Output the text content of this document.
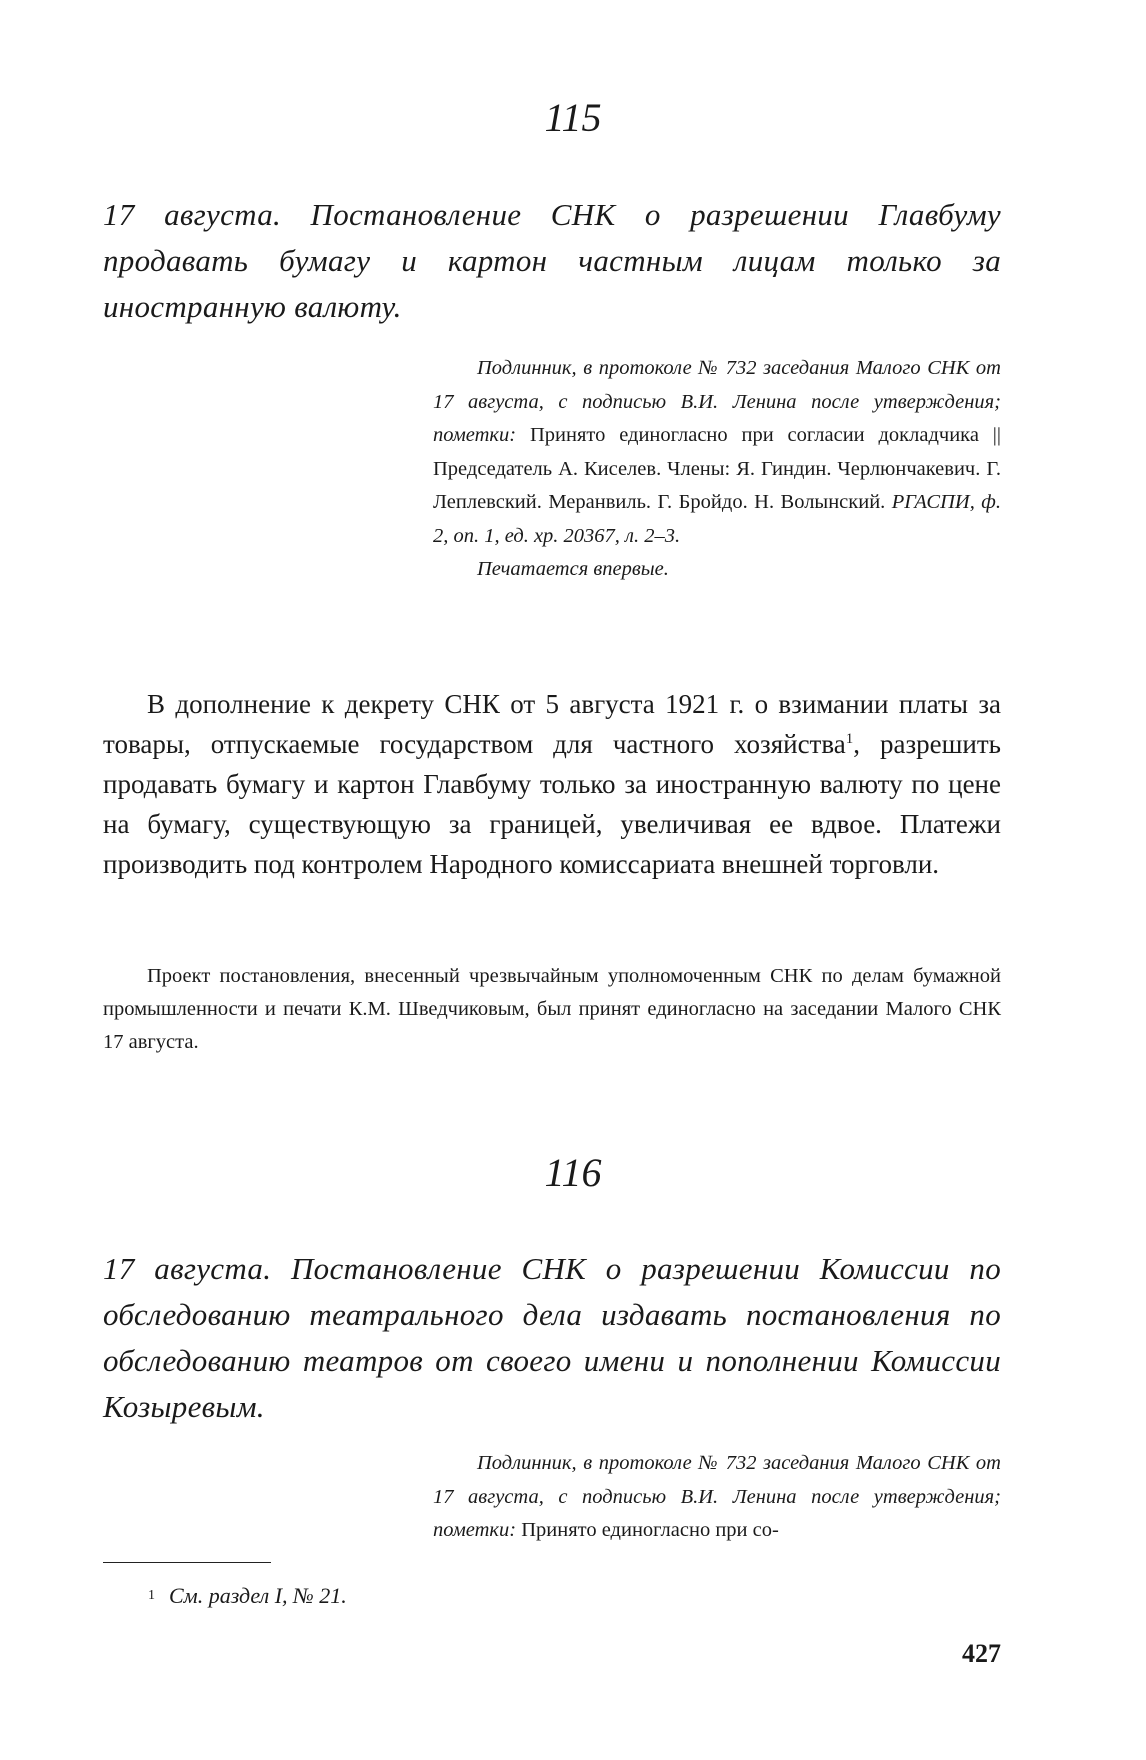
115

17 августа. Постановление СНК о разрешении Главбуму продавать бумагу и картон частным лицам только за иностранную валюту.

Подлинник, в протоколе № 732 заседания Малого СНК от 17 августа, с подписью В.И. Ленина после утверждения; пометки: Принято единогласно при согласии докладчика || Председатель А. Киселев. Члены: Я. Гиндин. Черлюнчакевич. Г. Леплевский. Меранвиль. Г. Бройдо. Н. Волынский. РГАСПИ, ф. 2, оп. 1, ед. хр. 20367, л. 2–3.

Печатается впервые.

В дополнение к декрету СНК от 5 августа 1921 г. о взимании платы за товары, отпускаемые государством для частного хозяйства$^1$, разрешить продавать бумагу и картон Главбуму только за иностранную валюту по цене на бумагу, существующую за границей, увеличивая ее вдвое. Платежи производить под контролем Народного комиссариата внешней торговли.

Проект постановления, внесенный чрезвычайным уполномоченным СНК по делам бумажной промышленности и печати К.М. Шведчиковым, был принят единогласно на заседании Малого СНК 17 августа.

116

17 августа. Постановление СНК о разрешении Комиссии по обследованию театрального дела издавать постановления по обследованию театров от своего имени и пополнении Комиссии Козыревым.

Подлинник, в протоколе № 732 заседания Малого СНК от 17 августа, с подписью В.И. Ленина после утверждения; пометки: Принято единогласно при со-

$^1$ См. раздел I, № 21.
427
